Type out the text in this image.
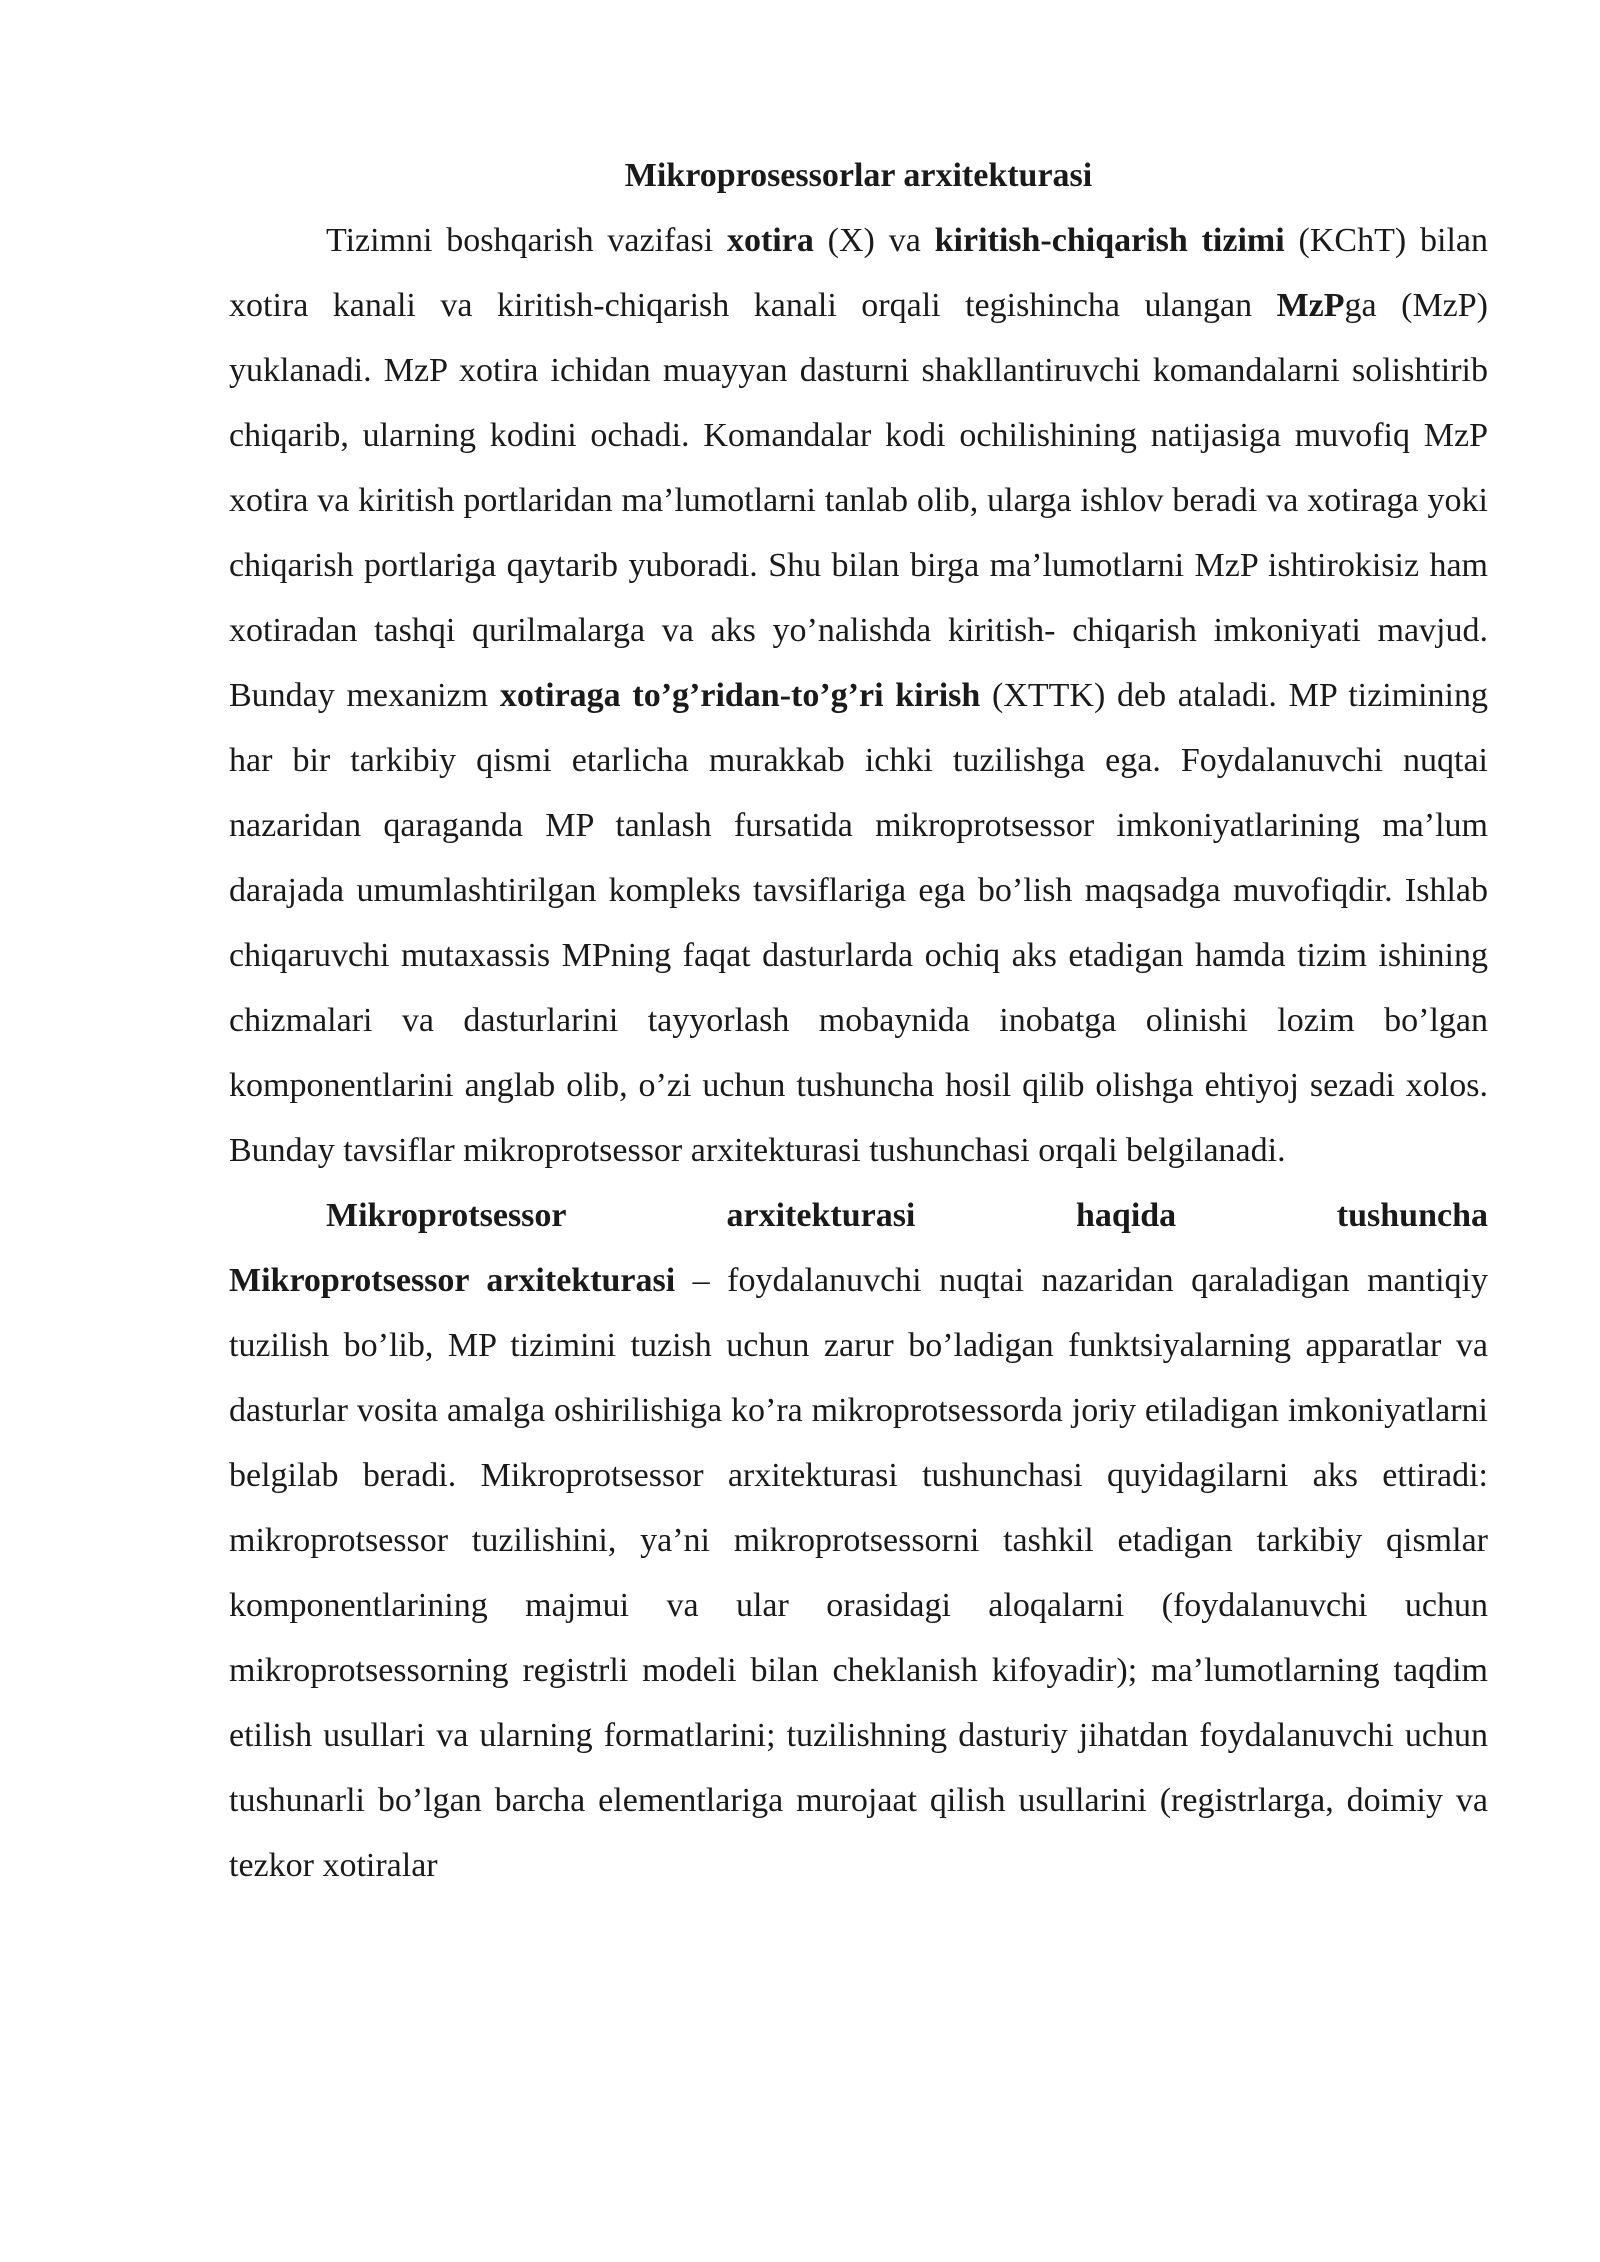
Mikroprosessorlar arxitekturasi

Tizimni boshqarish vazifasi xotira (X) va kiritish-chiqarish tizimi (KChT) bilan xotira kanali va kiritish-chiqarish kanali orqali tegishincha ulangan MzPga (MzP) yuklanadi. MzP xotira ichidan muayyan dasturni shakllantiruvchi komandalarni solishtirib chiqarib, ularning kodini ochadi. Komandalar kodi ochilishining natijasiga muvofiq MzP xotira va kiritish portlaridan ma’lumotlarni tanlab olib, ularga ishlov beradi va xotiraga yoki chiqarish portlariga qaytarib yuboradi. Shu bilan birga ma’lumotlarni MzP ishtirokisiz ham xotiradan tashqi qurilmalarga va aks yo’nalishda kiritish- chiqarish imkoniyati mavjud. Bunday mexanizm xotiraga to’g’ridan-to’g’ri kirish (XTTK) deb ataladi. MP tizimining har bir tarkibiy qismi etarlicha murakkab ichki tuzilishga ega. Foydalanuvchi nuqtai nazaridan qaraganda MP tanlash fursatida mikroprotsessor imkoniyatlarining ma’lum darajada umumlashtirilgan kompleks tavsiflariga ega bo’lish maqsadga muvofiqdir. Ishlab chiqaruvchi mutaxassis MPning faqat dasturlarda ochiq aks etadigan hamda tizim ishining chizmalari va dasturlarini tayyorlash mobaynida inobatga olinishi lozim bo’lgan komponentlarini anglab olib, o’zi uchun tushuncha hosil qilib olishga ehtiyoj sezadi xolos. Bunday tavsiflar mikroprotsessor arxitekturasi tushunchasi orqali belgilanadi.

Mikroprotsessor arxitekturasi haqida tushuncha

Mikroprotsessor arxitekturasi – foydalanuvchi nuqtai nazaridan qaraladigan mantiqiy tuzilish bo’lib, MP tizimini tuzish uchun zarur bo’ladigan funktsiyalarning apparatlar va dasturlar vosita amalga oshirilishiga ko’ra mikroprotsessorda joriy etiladigan imkoniyatlarni belgilab beradi. Mikroprotsessor arxitekturasi tushunchasi quyidagilarni aks ettiradi: mikroprotsessor tuzilishini, ya’ni mikroprotsessorni tashkil etadigan tarkibiy qismlar komponentlarining majmui va ular orasidagi aloqalarni (foydalanuvchi uchun mikroprotsessorning registrli modeli bilan cheklanish kifoyadir); ma’lumotlarning taqdim etilish usullari va ularning formatlarini; tuzilishning dasturiy jihatdan foydalanuvchi uchun tushunarli bo’lgan barcha elementlariga murojaat qilish usullarini (registrlarga, doimiy va tezkor xotiralar
